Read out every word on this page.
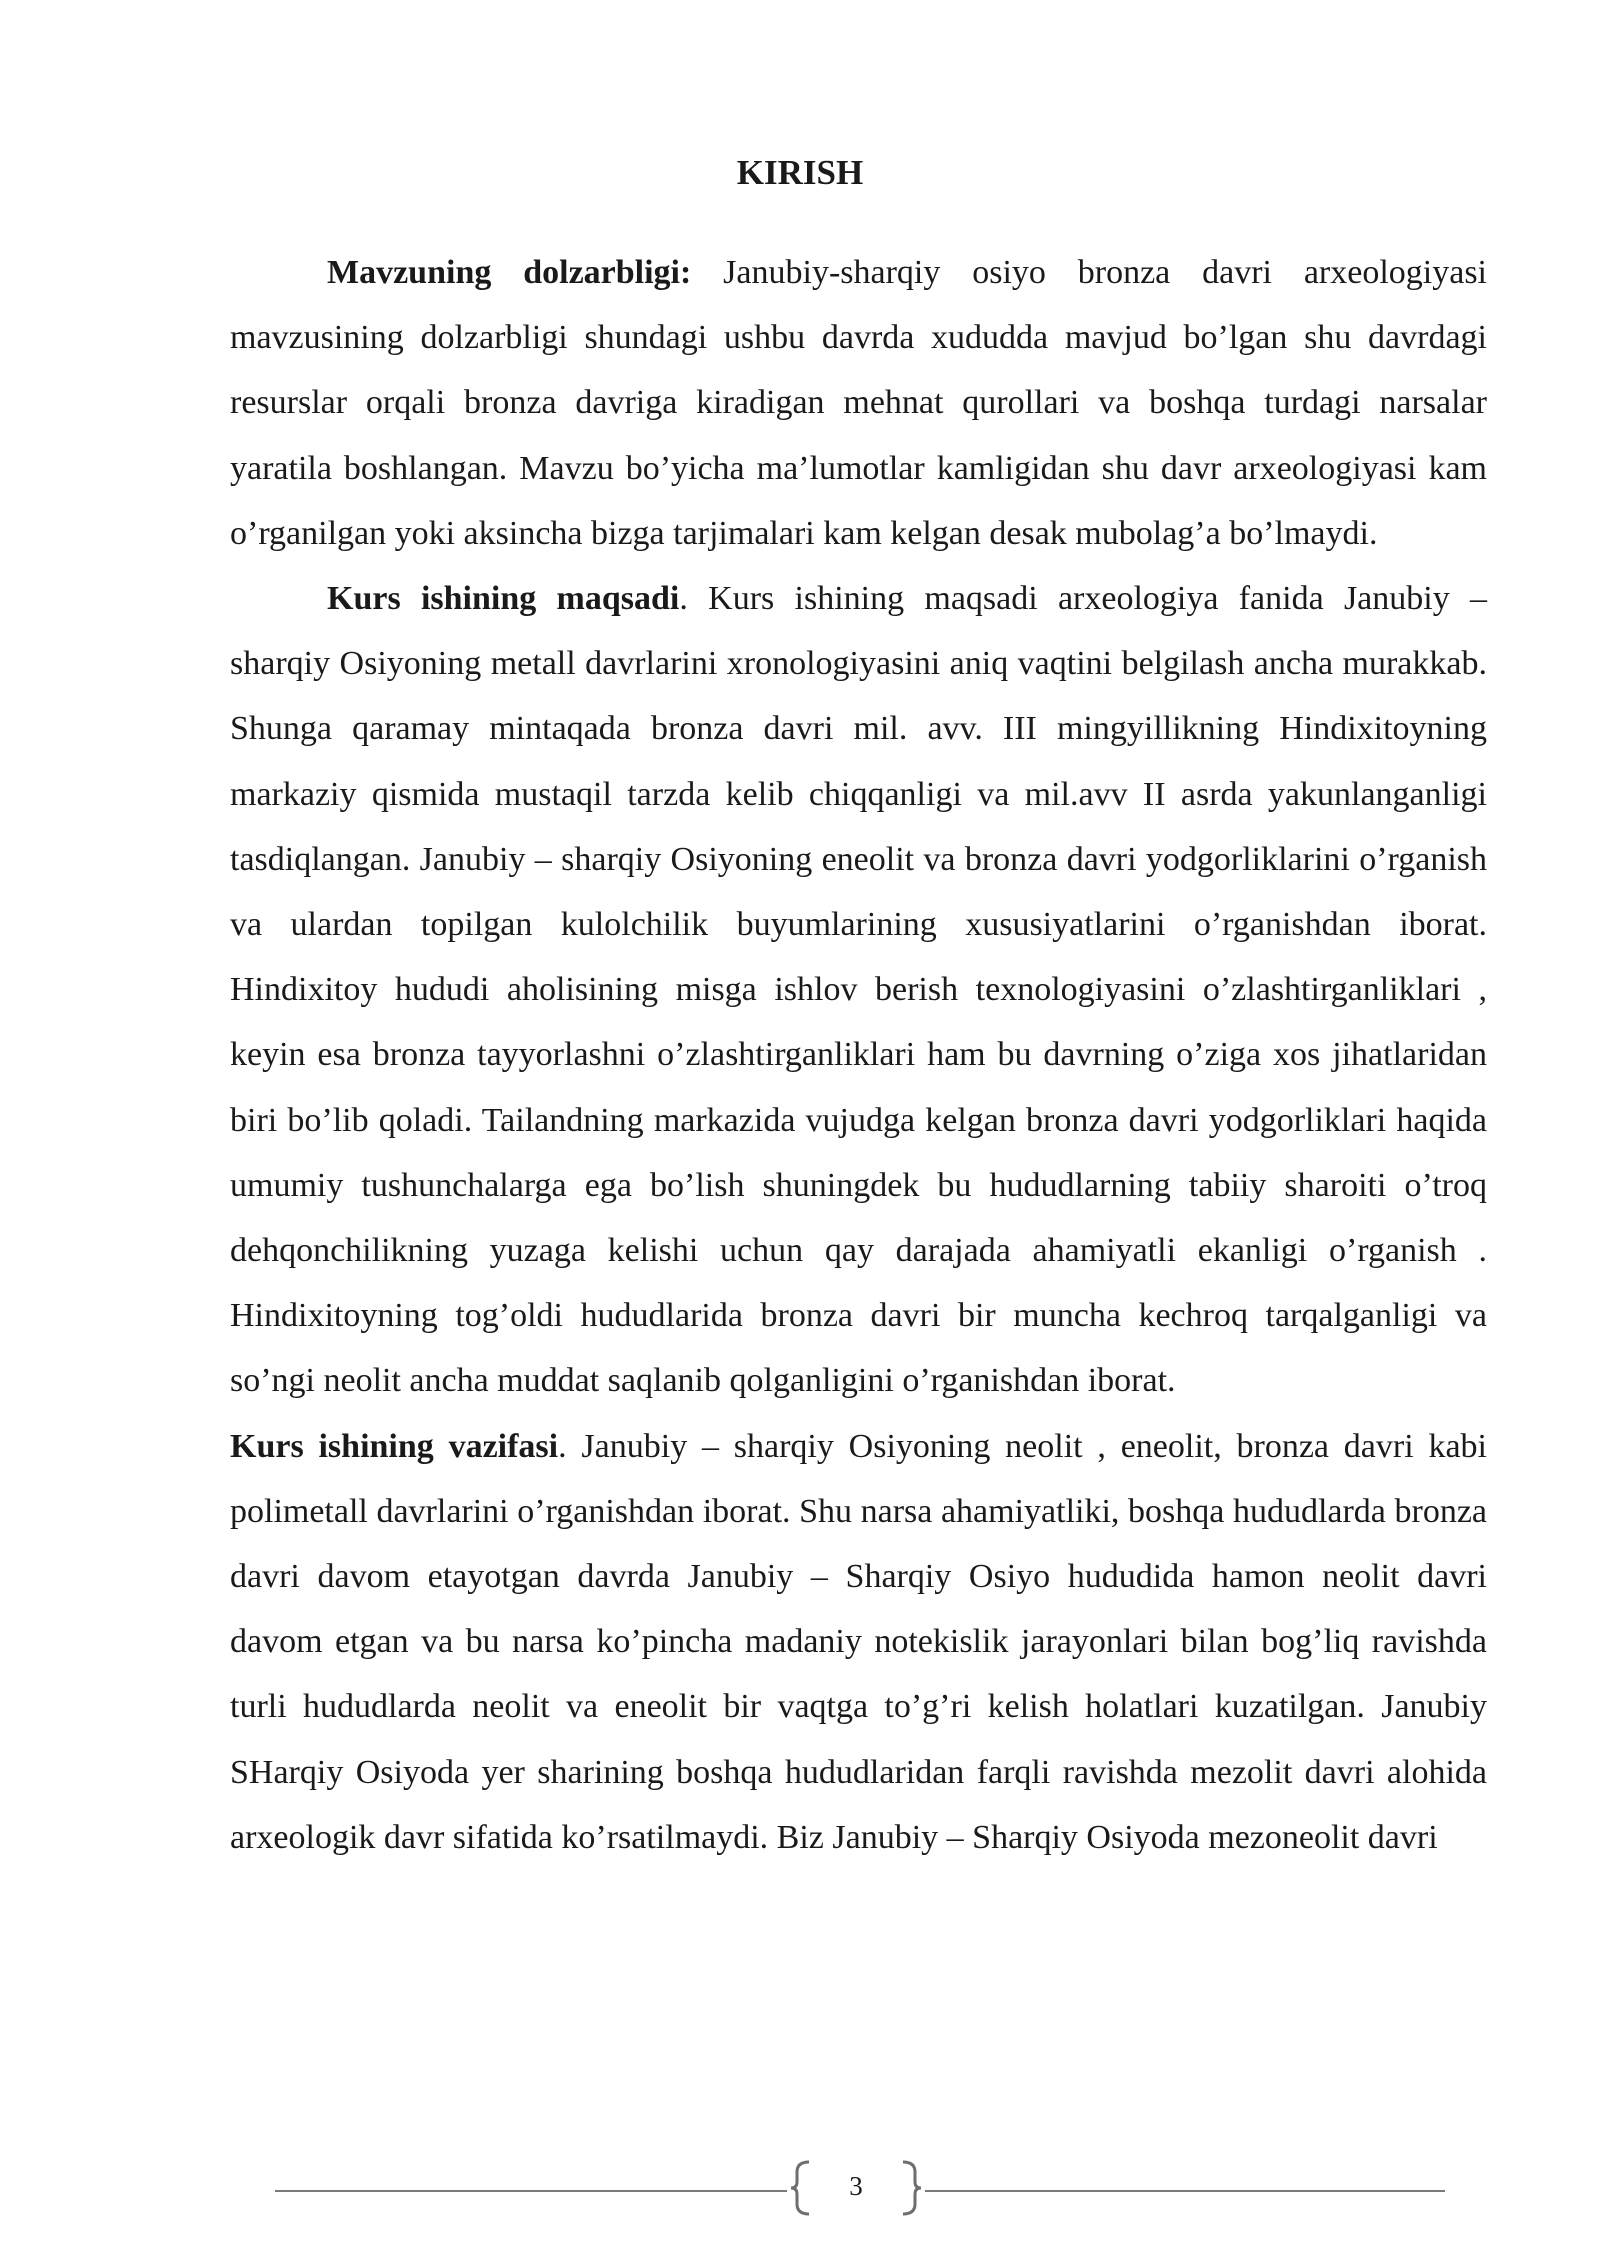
KIRISH

Mavzuning dolzarbligi: Janubiy-sharqiy osiyo bronza davri arxeologiyasi mavzusining dolzarbligi shundagi ushbu davrda xududda mavjud bo’lgan shu davrdagi resurslar orqali bronza davriga kiradigan mehnat qurollari va boshqa turdagi narsalar yaratila boshlangan. Mavzu bo’yicha ma’lumotlar kamligidan shu davr arxeologiyasi kam o’rganilgan yoki aksincha bizga tarjimalari kam kelgan desak mubolag’a bo’lmaydi.

Kurs ishining maqsadi. Kurs ishining maqsadi arxeologiya fanida Janubiy – sharqiy Osiyoning metall davrlarini xronologiyasini aniq vaqtini belgilash ancha murakkab. Shunga qaramay mintaqada bronza davri mil. avv. III mingyillikning Hindixitoyning markaziy qismida mustaqil tarzda kelib chiqqanligi va mil.avv II asrda yakunlanganligi tasdiqlangan. Janubiy – sharqiy Osiyoning eneolit va bronza davri yodgorliklarini o’rganish va ulardan topilgan kulolchilik buyumlarining xususiyatlarini o’rganishdan iborat. Hindixitoy hududi aholisining misga ishlov berish texnologiyasini o’zlashtirganliklari , keyin esa bronza tayyorlashni o’zlashtirganliklari ham bu davrning o’ziga xos jihatlaridan biri bo’lib qoladi. Tailandning markazida vujudga kelgan bronza davri yodgorliklari haqida umumiy tushunchalarga ega bo’lish shuningdek bu hududlarning tabiiy sharoiti o’troq dehqonchilikning yuzaga kelishi uchun qay darajada ahamiyatli ekanligi o’rganish . Hindixitoyning tog’oldi hududlarida bronza davri bir muncha kechroq tarqalganligi va so’ngi neolit ancha muddat saqlanib qolganligini o’rganishdan iborat.

Kurs ishining vazifasi. Janubiy – sharqiy Osiyoning neolit , eneolit, bronza davri kabi polimetall davrlarini o’rganishdan iborat. Shu narsa ahamiyatliki, boshqa hududlarda bronza davri davom etayotgan davrda Janubiy – Sharqiy Osiyo hududida hamon neolit davri davom etgan va bu narsa ko’pincha madaniy notekislik jarayonlari bilan bog’liq ravishda turli hududlarda neolit va eneolit bir vaqtga to’g’ri kelish holatlari kuzatilgan. Janubiy SHarqiy Osiyoda yer sharining boshqa hududlaridan farqli ravishda mezolit davri alohida arxeologik davr sifatida ko’rsatilmaydi. Biz Janubiy – Sharqiy Osiyoda mezoneolit davri

3
